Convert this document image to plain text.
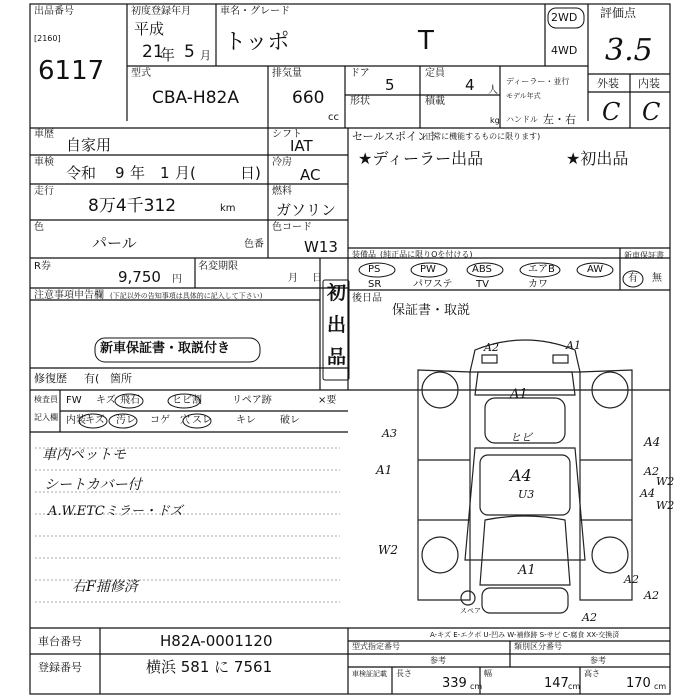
出品番号
[2160]
6117
初度登録年月
平成
21
年 5 月
車名・グレード
トッポ	T
2WD
4WD
評価点
3.5
外装 内装
C C
型式
CBA-H82A
排気量
660
cc
ドア
5
形状
定員
4 人
積載
kg
ディーラー・並行
モデル年式
ハンドル 左・右
車歴
自家用
シフト
IAT
車検
令和 9 年 1 月(	日)
冷房
AC
走行
8万4千312	km
燃料
ガソリン
色
パール	色番
色コード
W13
R券
9,750 円
名変期限
月 日
注意事項申告欄 (下記以外の告知事項は具体的に記入して下さい)
新車保証書・取説付き
修復歴 有( 箇所
初
出
品
検査員
記入欄
FW キズ 飛石	ヒビ割	リペア跡	×要
内装 キズ 汚レ コゲ 穴 スレ キレ 破レ
車内ペットモ
シートカバー付
A.W.ETCミラー・ドズ
右F捕修済
セールスポイント
(正常に機能するものに限ります)
★ディーラー出品	★初出品
装備品 (純正品に限りOを付ける)
PS	PW	ABS	エアB	AW
SR	パワステ TV	カワ
新車保証書
有 無
後日品
保証書・取説
A2	A1
A1
A3	ヒビ	A4
A1	A4
A4
A2
W2
U3
W2
W2
A1
A2
A2
A2
スペア
A-キズ E-エクボ U-凹み W-補修跡 S-サビ C-腐食 XX-交換済
車台番号	H82A-0001120
登録番号	横浜 581 に 7561
型式指定番号
参考
類別区分番号
参考
車検証記載 長さ
339 cm
幅
147 cm
高さ
170 cm
